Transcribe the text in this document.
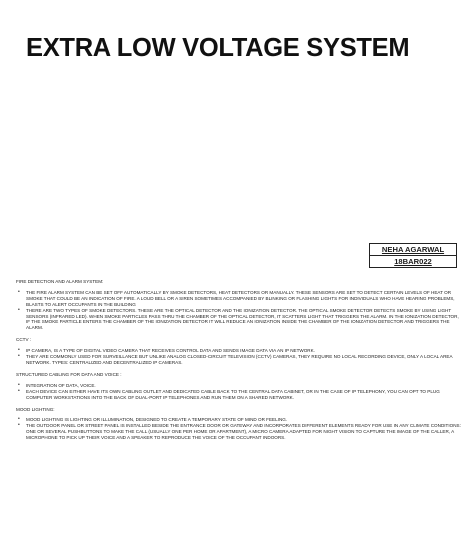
EXTRA LOW VOLTAGE SYSTEM
NEHA AGARWAL
18BAR022

FIRE DETECTION AND ALARM SYSTEM:

• THE FIRE ALARM SYSTEM CAN BE SET OFF AUTOMATICALLY BY SMOKE DETECTORS, HEAT DETECTORS OR MANUALLY. THESE SENSORS ARE SET TO DETECT CERTAIN LEVELS OF HEAT OR SMOKE THAT COULD BE AN INDICATION OF FIRE. A LOUD BELL OR A SIREN SOMETIMES ACCOMPANIED BY BLINKING OR FLASHING LIGHTS FOR INDIVIDUALS WHO HAVE HEARING PROBLEMS, BLASTS TO ALERT OCCUPANTS IN THE BUILDING
• THERE ARE TWO TYPES OF SMOKE DETECTORS. THESE ARE THE OPTICAL DETECTOR AND THE IONIZATION DETECTOR. THE OPTICAL SMOKE DETECTOR DETECTS SMOKE BY USING LIGHT SENSORS (INFRARED LED). WHEN SMOKE PARTICLES PASS THRU THE CHAMBER OF THE OPTICAL DETECTOR, IT SCATTERS LIGHT THAT TRIGGERS THE ALARM. IN THE IONIZATION DETECTOR, IF THE SMOKE PARTICLE ENTERS THE CHAMBER OF THE IONIZATION DETECTOR IT WILL REDUCE AN IONIZATION INSIDE THE CHAMBER OF THE IONIZATION DETECTOR AND TRIGGERS THE ALARM.

CCTV :

• IP CAMERA, IS A TYPE OF DIGITAL VIDEO CAMERA THAT RECEIVES CONTROL DATA AND SENDS IMAGE DATA VIA AN IP NETWORK.
• THEY ARE COMMONLY USED FOR SURVEILLANCE BUT UNLIKE ANALOG CLOSED-CIRCUIT TELEVISION (CCTV) CAMERAS, THEY REQUIRE NO LOCAL RECORDING DEVICE, ONLY A LOCAL AREA NETWORK. TYPES: CENTRALIZED AND DECENTRALIZED IP CAMERAS.

STRUCTURED CABLING FOR DATA AND VOICE :

• INTEGRATION OF DATA, VOICE.
• EACH DEVICE CAN EITHER HAVE ITS OWN CABLING OUTLET AND DEDICATED CABLE BACK TO THE CENTRAL DATA CABINET, OR IN THE CASE OF IP TELEPHONY, YOU CAN OPT TO PLUG COMPUTER WORKSTATIONS INTO THE BACK OF DUAL-PORT IP TELEPHONES AND RUN THEM ON A SHARED NETWORK.

MOOD LIGHTING:

• MOOD LIGHTING IS LIGHTING OR ILLUMINATION, DESIGNED TO CREATE A TEMPORARY STATE OF MIND OR FEELING.
• THE OUTDOOR PANEL OR STREET PANEL IS INSTALLED BESIDE THE ENTRANCE DOOR OR GATEWAY AND INCORPORATES DIFFERENT ELEMENTS READY FOR USE IN ANY CLIMATE CONDITIONS: ONE OR SEVERAL PUSHBUTTONS TO MAKE THE CALL (USUALLY ONE PER HOME OR APARTMENT), A MICRO CAMERA ADAPTED FOR NIGHT VISION TO CAPTURE THE IMAGE OF THE CALLER, A MICROPHONE TO PICK UP THEIR VOICE AND A SPEAKER TO REPRODUCE THE VOICE OF THE OCCUPANT INDOORS.
